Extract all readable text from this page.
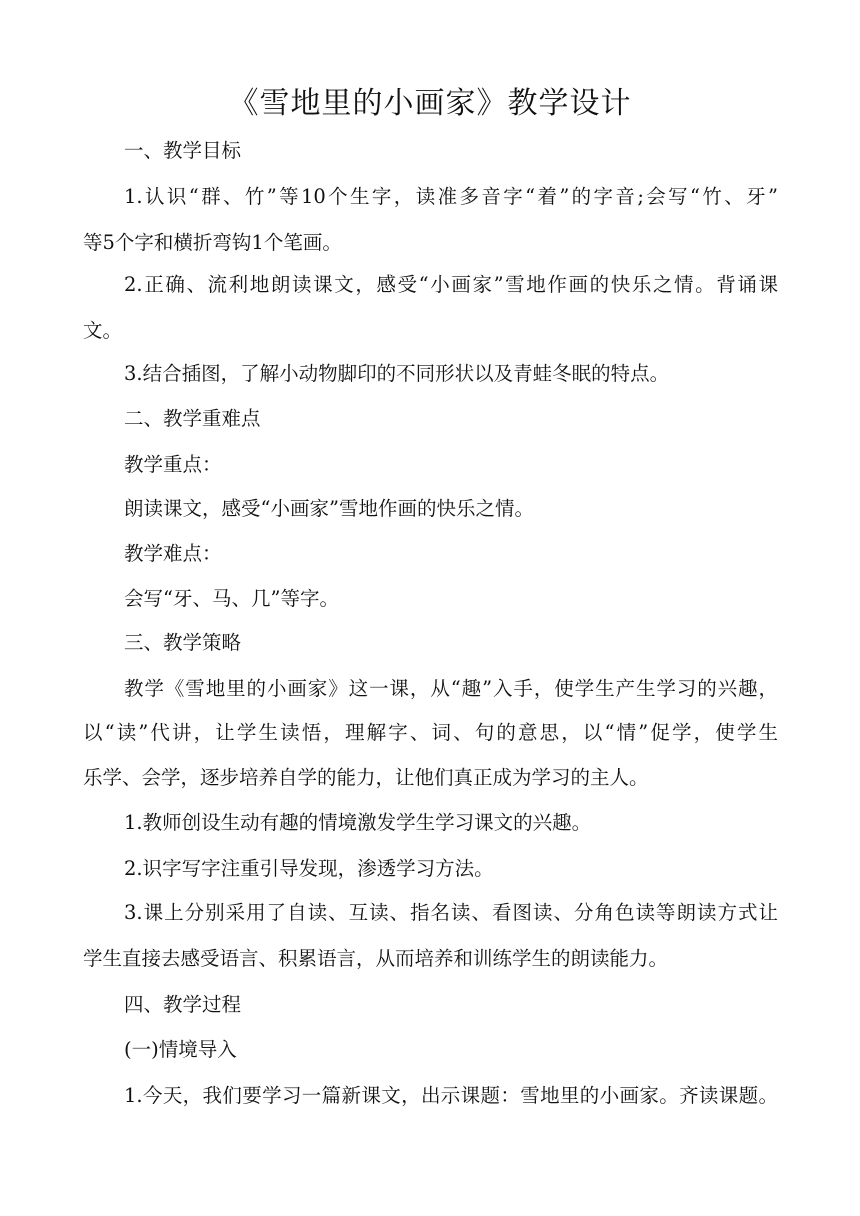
《雪地里的小画家》教学设计
一、教学目标
1.认识“群、竹”等10个生字，读准多音字“着”的字音;会写“竹、牙”
等5个字和横折弯钩1个笔画。
2.正确、流利地朗读课文，感受“小画家”雪地作画的快乐之情。背诵课
文。
3.结合插图，了解小动物脚印的不同形状以及青蛙冬眠的特点。
二、教学重难点
教学重点：
朗读课文，感受“小画家”雪地作画的快乐之情。
教学难点：
会写“牙、马、几”等字。
三、教学策略
教学《雪地里的小画家》这一课，从“趣”入手，使学生产生学习的兴趣，
以“读”代讲，让学生读悟，理解字、词、句的意思，以“情”促学，使学生
乐学、会学，逐步培养自学的能力，让他们真正成为学习的主人。
1.教师创设生动有趣的情境激发学生学习课文的兴趣。
2.识字写字注重引导发现，渗透学习方法。
3.课上分别采用了自读、互读、指名读、看图读、分角色读等朗读方式让
学生直接去感受语言、积累语言，从而培养和训练学生的朗读能力。
四、教学过程
(一)情境导入
1.今天，我们要学习一篇新课文，出示课题：雪地里的小画家。齐读课题。
